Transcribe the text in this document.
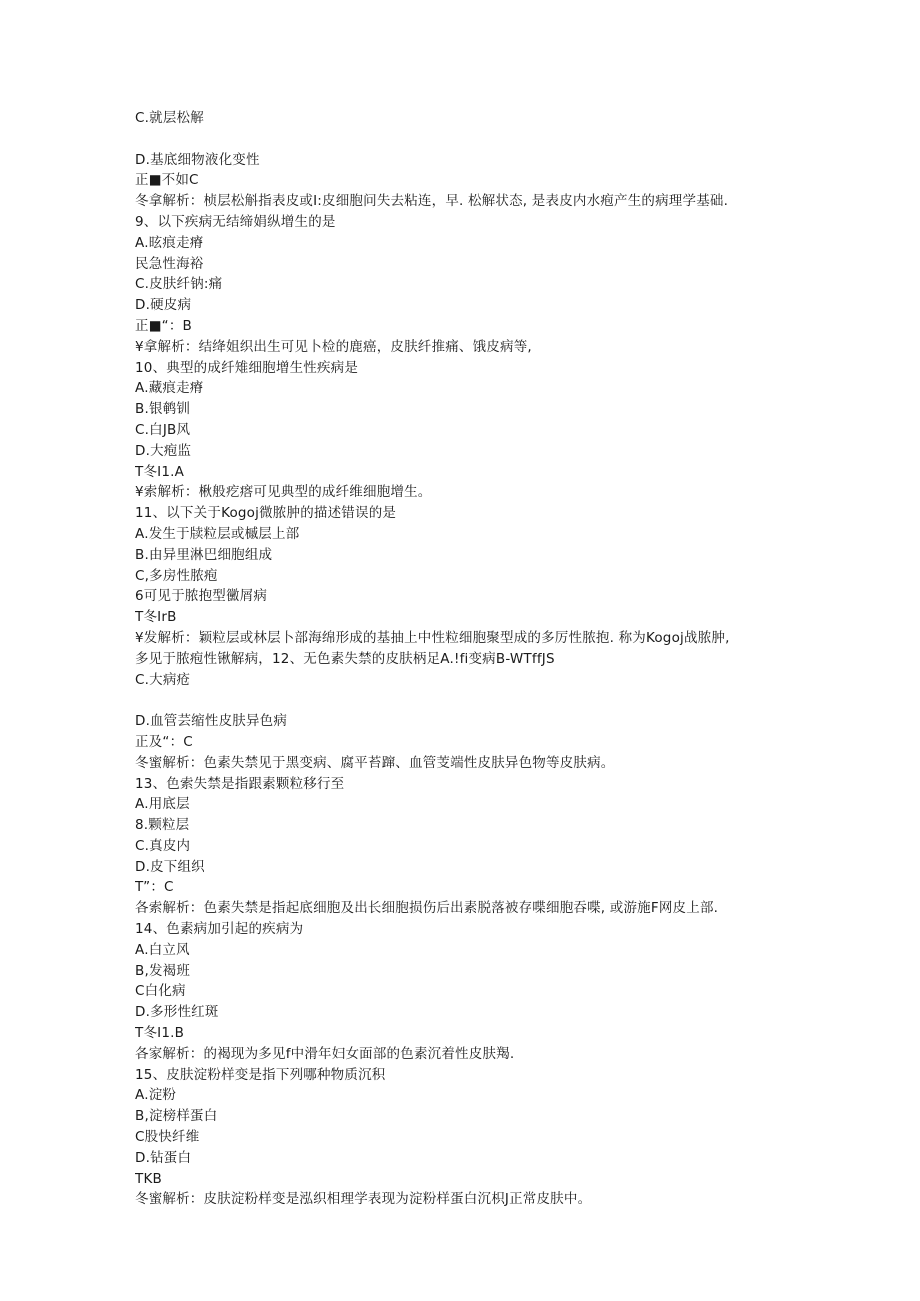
C.就层松解
D.基底细物液化变性
正■不如C
冬拿解析：桢层松斛指表皮或I:皮细胞问失去粘连，早. 松解状态, 是表皮内水疱产生的病理学基础.
9、以下疾病无结缔娟纵增生的是
A.昡痕走瘠
民急性海裕
C.皮肤纤钠:痛
D.硬皮病
正■“：B
¥拿解析：结绛姐织出生可见卜检的鹿癌，皮肤纤推痛、饿皮病等,
10、典型的成纤雉细胞增生性疾病是
A.藏痕走瘠
B.银鹌钏
C.白JB风
D.大疱监
T冬I1.A
¥索解析：楸般疙瘩可见典型的成纤维细胞增生。
11、以下关于Kogoj微脓肿的描述错误的是
A.发生于牍粒层或槭层上部
B.由异里淋巴细胞组成
C,多房性脓疱
6可见于脓抱型黴屑病
T冬IrB
¥发解析：颖粒层或林层卜部海绵形成的基抽上中性粒细胞聚型成的多厉性脓抱. 称为Kogoj战脓肿,
多见于脓疱性锹解病，12、无色素失禁的皮肤柄足A.!fi变病B-WTffJS
C.大病疮
D.血管芸缩性皮肤异色病
正及“：C
冬蜜解析：色素失禁见于黑变病、腐平苔蹿、血管芰端性皮肤异色物等皮肤病。
13、色索失禁是指跟素颗粒移行至
A.用底层
8.颗粒层
C.真皮内
D.皮下组织
T”：C
各索解析：色素失禁是指起底细胞及出长细胞损伤后出素脱落被存喋细胞吞喋, 或游施F网皮上部.
14、色素病加引起的疾病为
A.白立风
B,发褐班
C白化病
D.多形性红斑
T冬I1.B
各家解析：的褐现为多见f中滑年妇女面部的色素沉着性皮肤羯.
15、皮肤淀粉样变是指下列哪种物质沉积
A.淀粉
B,淀榜样蛋白
C股快纤维
D.钻蛋白
TKB
冬蜜解析：皮肤淀粉样变是泓织相理学表现为淀粉样蛋白沉枳J正常皮肤中。
